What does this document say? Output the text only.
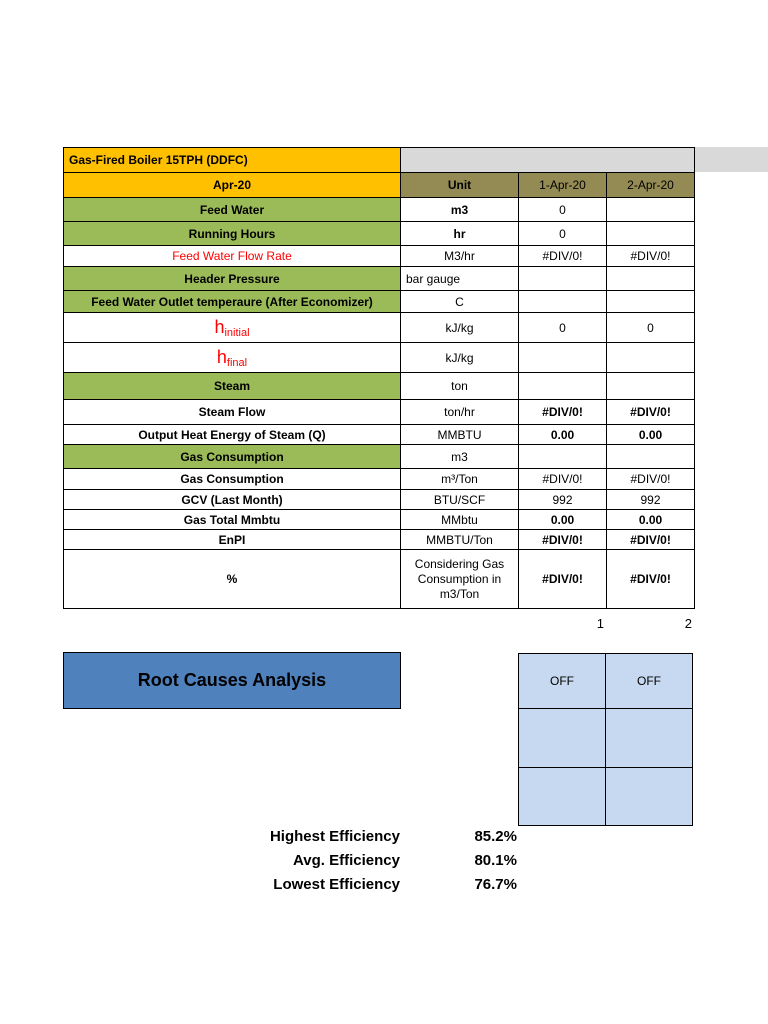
Gas-Fired Boiler 15TPH (DDFC)			
Apr-20	Unit	1-Apr-20	2-Apr-20
Feed Water	m3	0	
Running Hours	hr	0	
Feed Water Flow Rate	M3/hr	#DIV/0!	#DIV/0!
Header Pressure	bar gauge		
Feed Water Outlet temperaure (After Economizer)	C		
$h_{initial}$	kJ/kg	0	0
$h_{final}$	kJ/kg		
Steam	ton		
Steam Flow	ton/hr	#DIV/0!	#DIV/0!
Output Heat Energy of Steam (Q)	MMBTU	0.00	0.00
Gas Consumption	m3		
Gas Consumption	m³/Ton	#DIV/0!	#DIV/0!
GCV (Last Month)	BTU/SCF	992	992
Gas Total Mmbtu	MMbtu	0.00	0.00
EnPI	MMBTU/Ton	#DIV/0!	#DIV/0!
%	Considering Gas Consumption in m3/Ton	#DIV/0!	#DIV/0!
1	2
Root Causes Analysis	OFF	OFF

Highest Efficiency	85.2%
Avg. Efficiency	80.1%
Lowest Efficiency	76.7%
